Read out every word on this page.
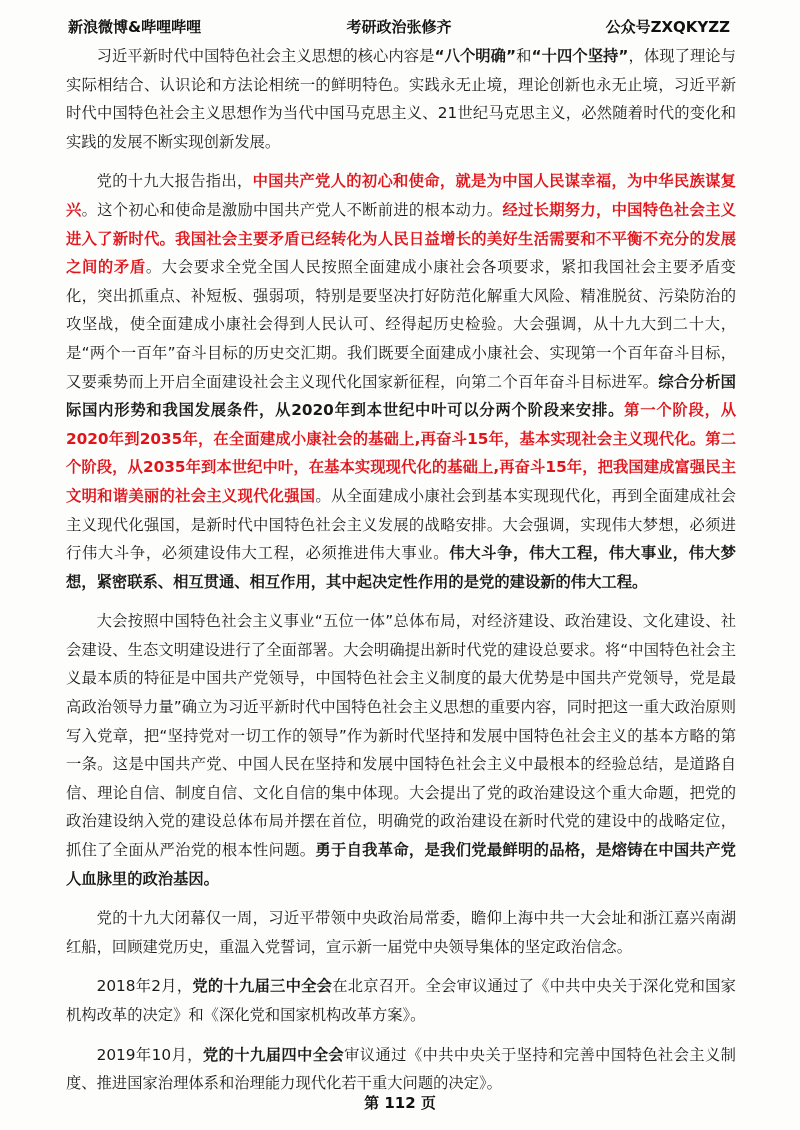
新浪微博&哔哩哔哩	考研政治张修齐	公众号ZXQKYZZ

习近平新时代中国特色社会主义思想的核心内容是“八个明确”和“十四个坚持”，体现了理论与实际相结合、认识论和方法论相统一的鲜明特色。实践永无止境，理论创新也永无止境，习近平新时代中国特色社会主义思想作为当代中国马克思主义、21世纪马克思主义，必然随着时代的变化和实践的发展不断实现创新发展。

党的十九大报告指出，中国共产党人的初心和使命，就是为中国人民谋幸福，为中华民族谋复兴。这个初心和使命是激励中国共产党人不断前进的根本动力。经过长期努力，中国特色社会主义进入了新时代。我国社会主要矛盾已经转化为人民日益增长的美好生活需要和不平衡不充分的发展之间的矛盾。大会要求全党全国人民按照全面建成小康社会各项要求，紧扣我国社会主要矛盾变化，突出抓重点、补短板、强弱项，特别是要坚决打好防范化解重大风险、精准脱贫、污染防治的攻坚战，使全面建成小康社会得到人民认可、经得起历史检验。大会强调，从十九大到二十大，是“两个一百年”奋斗目标的历史交汇期。我们既要全面建成小康社会、实现第一个百年奋斗目标，又要乘势而上开启全面建设社会主义现代化国家新征程，向第二个百年奋斗目标进军。综合分析国际国内形势和我国发展条件，从2020年到本世纪中叶可以分两个阶段来安排。第一个阶段，从2020年到2035年，在全面建成小康社会的基础上,再奋斗15年，基本实现社会主义现代化。第二个阶段，从2035年到本世纪中叶，在基本实现现代化的基础上,再奋斗15年，把我国建成富强民主文明和谐美丽的社会主义现代化强国。从全面建成小康社会到基本实现现代化，再到全面建成社会主义现代化强国，是新时代中国特色社会主义发展的战略安排。大会强调，实现伟大梦想，必须进行伟大斗争，必须建设伟大工程，必须推进伟大事业。伟大斗争，伟大工程，伟大事业，伟大梦想，紧密联系、相互贯通、相互作用，其中起决定性作用的是党的建设新的伟大工程。

大会按照中国特色社会主义事业“五位一体”总体布局，对经济建设、政治建设、文化建设、社会建设、生态文明建设进行了全面部署。大会明确提出新时代党的建设总要求。将“中国特色社会主义最本质的特征是中国共产党领导，中国特色社会主义制度的最大优势是中国共产党领导，党是最高政治领导力量”确立为习近平新时代中国特色社会主义思想的重要内容，同时把这一重大政治原则写入党章，把“坚持党对一切工作的领导”作为新时代坚持和发展中国特色社会主义的基本方略的第一条。这是中国共产党、中国人民在坚持和发展中国特色社会主义中最根本的经验总结，是道路自信、理论自信、制度自信、文化自信的集中体现。大会提出了党的政治建设这个重大命题，把党的政治建设纳入党的建设总体布局并摆在首位，明确党的政治建设在新时代党的建设中的战略定位，抓住了全面从严治党的根本性问题。勇于自我革命，是我们党最鲜明的品格，是熔铸在中国共产党人血脉里的政治基因。

党的十九大闭幕仅一周，习近平带领中央政治局常委，瞻仰上海中共一大会址和浙江嘉兴南湖红船，回顾建党历史，重温入党誓词，宣示新一届党中央领导集体的坚定政治信念。

2018年2月，党的十九届三中全会在北京召开。全会审议通过了《中共中央关于深化党和国家机构改革的决定》和《深化党和国家机构改革方案》。

2019年10月，党的十九届四中全会审议通过《中共中央关于坚持和完善中国特色社会主义制度、推进国家治理体系和治理能力现代化若干重大问题的决定》。

第 112 页
